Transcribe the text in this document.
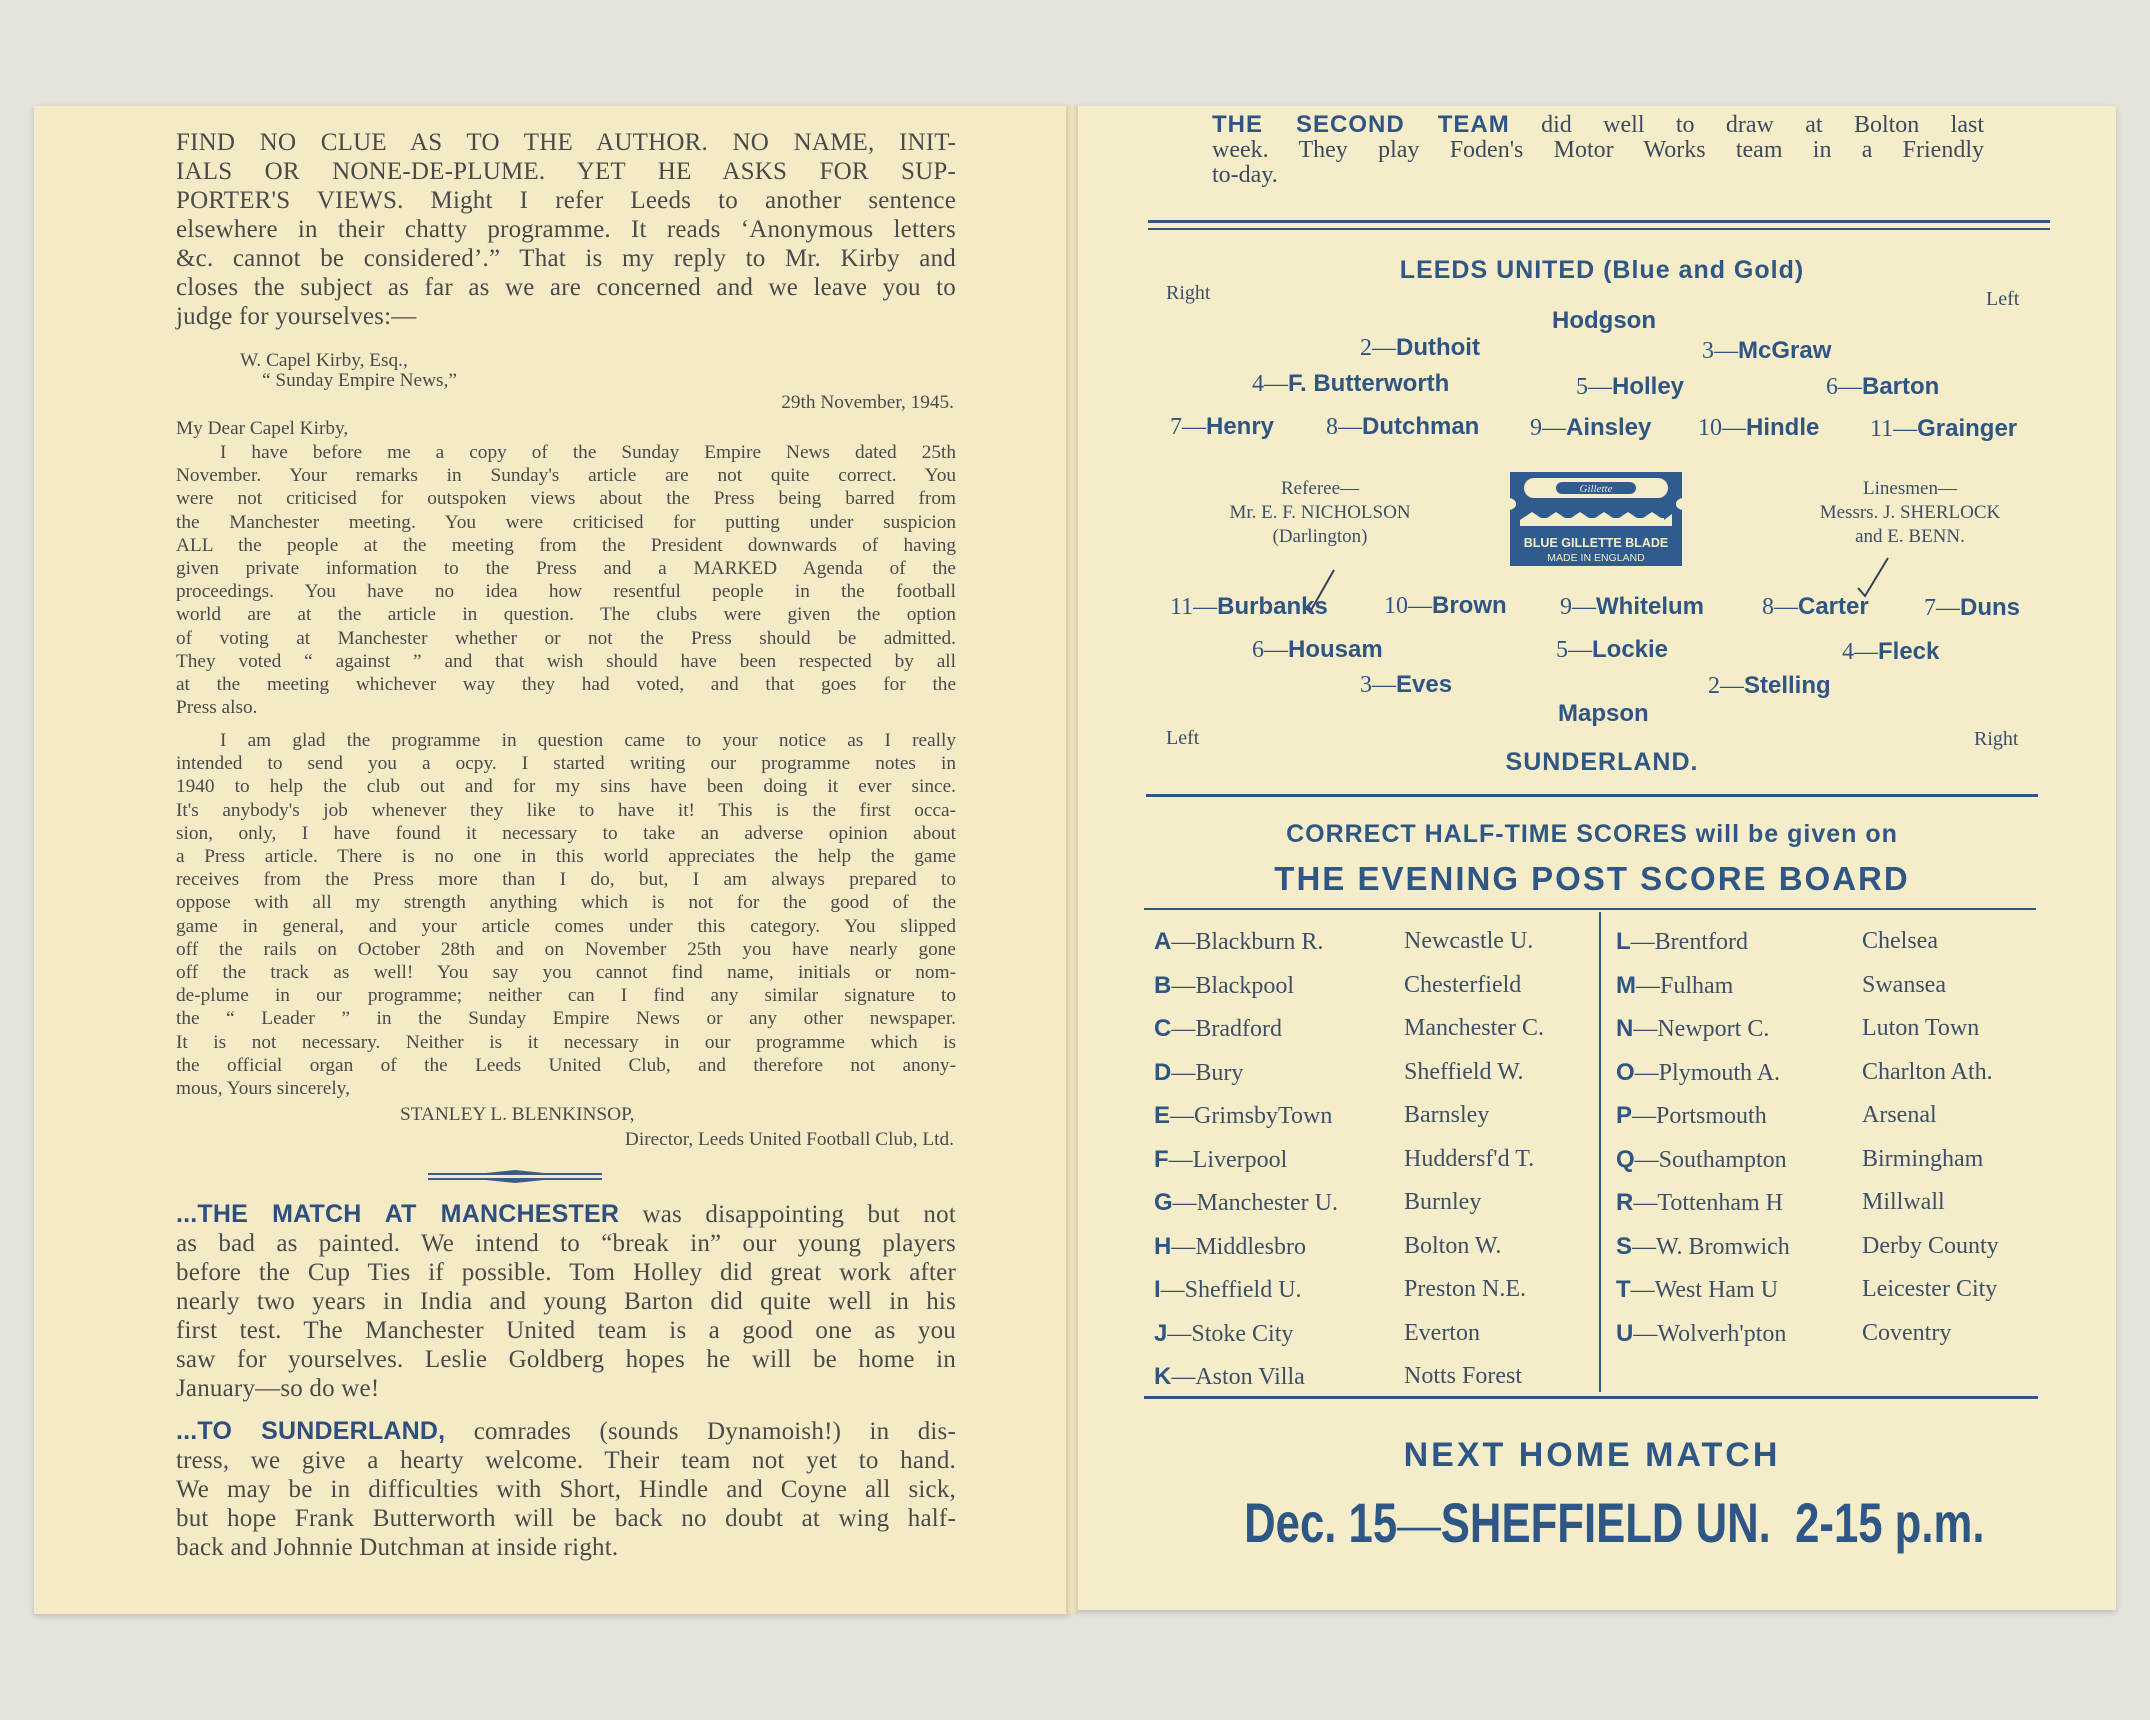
FIND NO CLUE AS TO THE AUTHOR. NO NAME, INIT-
IALS OR NONE-DE-PLUME. YET HE ASKS FOR SUP-
PORTER'S VIEWS. Might I refer Leeds to another sentence
elsewhere in their chatty programme. It reads ‘Anonymous letters
&c. cannot be considered’.” That is my reply to Mr. Kirby and
closes the subject as far as we are concerned and we leave you to
judge for yourselves:—
W. Capel Kirby, Esq.,
“ Sunday Empire News,”
29th November, 1945.
My Dear Capel Kirby,
I have before me a copy of the Sunday Empire News dated 25th
November. Your remarks in Sunday's article are not quite correct. You
were not criticised for outspoken views about the Press being barred from
the Manchester meeting. You were criticised for putting under suspicion
ALL the people at the meeting from the President downwards of having
given private information to the Press and a MARKED Agenda of the
proceedings. You have no idea how resentful people in the football
world are at the article in question. The clubs were given the option
of voting at Manchester whether or not the Press should be admitted.
They voted “ against ” and that wish should have been respected by all
at the meeting whichever way they had voted, and that goes for the
Press also.
I am glad the programme in question came to your notice as I really
intended to send you a ocpy. I started writing our programme notes in
1940 to help the club out and for my sins have been doing it ever since.
It's anybody's job whenever they like to have it! This is the first occa-
sion, only, I have found it necessary to take an adverse opinion about
a Press article. There is no one in this world appreciates the help the game
receives from the Press more than I do, but, I am always prepared to
oppose with all my strength anything which is not for the good of the
game in general, and your article comes under this category. You slipped
off the rails on October 28th and on November 25th you have nearly gone
off the track as well! You say you cannot find name, initials or nom-
de-plume in our programme; neither can I find any similar signature to
the “ Leader ” in the Sunday Empire News or any other newspaper.
It is not necessary. Neither is it necessary in our programme which is
the official organ of the Leeds United Club, and therefore not anony-
mous, Yours sincerely,
STANLEY L. BLENKINSOP,
Director, Leeds United Football Club, Ltd.
...THE MATCH AT MANCHESTER was disappointing but not
as bad as painted. We intend to “break in” our young players
before the Cup Ties if possible. Tom Holley did great work after
nearly two years in India and young Barton did quite well in his
first test. The Manchester United team is a good one as you
saw for yourselves. Leslie Goldberg hopes he will be home in
January—so do we!
...TO SUNDERLAND, comrades (sounds Dynamoish!) in dis-
tress, we give a hearty welcome. Their team not yet to hand.
We may be in difficulties with Short, Hindle and Coyne all sick,
but hope Frank Butterworth will be back no doubt at wing half-
back and Johnnie Dutchman at inside right.
THE SECOND TEAM did well to draw at Bolton last
week. They play Foden's Motor Works team in a Friendly
to-day.
LEEDS UNITED (Blue and Gold)
Right	Left
Hodgson
2—Duthoit	3—McGraw
4—F. Butterworth	5—Holley	6—Barton
7—Henry 8—Dutchman 9—Ainsley 10—Hindle 11—Grainger
Referee—
Mr. E. F. NICHOLSON
(Darlington)
Gillette
BLUE GILLETTE BLADE
MADE IN ENGLAND
Linesmen—
Messrs. J. SHERLOCK
and E. BENN.
11—Burbanks 10—Brown 9—Whitelum 8—Carter 7—Duns
6—Housam	5—Lockie	4—Fleck
3—Eves	2—Stelling
Mapson
Left	Right
SUNDERLAND.
CORRECT HALF-TIME SCORES will be given on
THE EVENING POST SCORE BOARD
A—Blackburn R.	Newcastle U.
B—Blackpool	Chesterfield
C—Bradford	Manchester C.
D—Bury	Sheffield W.
E—GrimsbyTown	Barnsley
F—Liverpool	Huddersf'd T.
G—Manchester U.	Burnley
H—Middlesbro	Bolton W.
I—Sheffield U.	Preston N.E.
J—Stoke City	Everton
K—Aston Villa	Notts Forest
L—Brentford	Chelsea
M—Fulham	Swansea
N—Newport C.	Luton Town
O—Plymouth A.	Charlton Ath.
P—Portsmouth	Arsenal
Q—Southampton	Birmingham
R—Tottenham H	Millwall
S—W. Bromwich	Derby County
T—West Ham U	Leicester City
U—Wolverh'pton	Coventry
NEXT HOME MATCH
Dec. 15—SHEFFIELD UN. 2-15 p.m.
